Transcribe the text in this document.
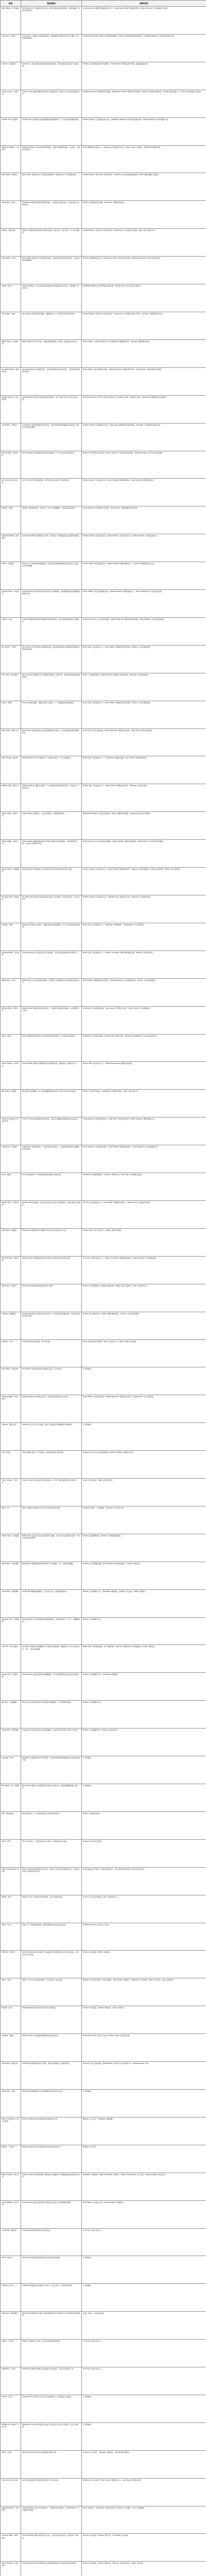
名称	视觉描述	参数说明
Tally Stroke（粉笔刻痕）	Tally Stroke 是一种模拟粉笔在黑板上刻划计数线条的效果滤镜，呈现出粗糙、断续的笔触质感。	Charcoal Area: 调整粉笔覆盖的区域大小。Chalk Area: 控制粉笔笔触的范围。Stroke Pressure: 设定笔触的压力强度。
Charcoal（木炭画）	Charcoal 是一种模拟木炭素描的滤镜，将图像转换为粗犷的黑白对比笔触，带有浓重的颗粒感。	Charcoal Thickness: 调整木炭笔触的粗细程度。Detail: 控制保留的图像细节数量。Light/Dark Balance: 调节明暗区域的比例。
Chrome（铬黄渐变）	Chrome 是一种让图像呈现抛光金属质感的滤镜，表面出现流动的高光与反射效果。	Detail: 设定金属表面细节的丰富程度。Smoothness: 调整表面的平滑度，数值越高越光滑。
Conte Crayon（炭精笔）	Conte Crayon 模拟炭精笔在纹理纸上绘画的效果，前景色与背景色形成柔和的对比。	Foreground Level: 调整前景色的强度。Background Level: 调整背景色的强度。Texture: 选择纸张纹理类型。Scaling: 缩放纹理大小。Relief: 设定纹理的凸起程度。
Graphic Pen（绘图笔）	Graphic Pen 使用细线状的油墨笔触来描绘图像细节，产生类似钢笔素描的效果。	Stroke Length: 设定笔触线条的长度。Light/Dark Balance: 调节明暗区域的比例。Stroke Direction: 选择笔触的方向。
Halftone Pattern（半调图案）	Halftone Pattern 在保持连续色调的同时，模拟半调网屏的效果，生成网点、圆形或直线图案。	Size: 调整图案元素的大小。Contrast: 设定图案的对比度。Pattern Type: 选择网点、圆形或直线等图案类型。
Note Paper（便条纸）	Note Paper 创建出类似手工纸张的浮雕效果，图像呈现凹凸不平的纸面质感。	Image Balance: 调节前景与背景的比例。Graininess: 设定纸张颗粒的数量。Relief: 调整浮雕的凸起程度。
Photocopy（影印）	Photocopy 模拟影印机复印图像的效果，大块暗区只复制边缘，中间色调变为纯黑或纯白。	Detail: 控制保留的细节数量。Darkness: 调整暗部的浓度。
Plaster（塑料效果）	Plaster 使图像看起来像是由石膏塑造而成，暗区凸起、亮区凹陷，产生立体浮雕感。	Image Balance: 调节前景与背景的比例。Smoothness: 设定表面的平滑度。Light: 选择光照的方向。
Reticulation（网状）	Reticulation 模拟胶片乳剂的收缩与扭曲，使图像在暗调区域呈现结块、在高光区域呈现细颗粒。	Density: 调整颗粒的密度。Foreground Level: 设定前景色的强度。Background Level: 设定背景色的强度。
Stamp（图章）	Stamp 简化图像，使之看起来像是用橡皮或木制图章盖印出来的，轮廓清晰、色块分明。	Light/Dark Balance: 调节明暗区域的比例。Smoothness: 设定边缘的平滑程度。
Torn Edges（撕边）	Torn Edges 将图像重建为粗糙、撕破的纸片状，边缘呈现不规则的纤维感。	Image Balance: 调节前景与背景的比例。Smoothness: 设定撕裂边缘的平滑度。Contrast: 调整图像的对比度。
Water Paper（水彩画纸）	Water Paper 利用有污点的、像画在潮湿纤维纸上的涂抹，使颜色流动并混合。	Fiber Length: 设定纸张纤维的长度。Brightness: 调整图像亮度。Contrast: 调整图像对比度。
Accented Edges（强化的边缘）	Accented Edges 强化图像边缘，边缘亮度值高时类似白色粉笔，亮度值低时类似黑色油墨。	Edge Width: 设定边缘强化的宽度。Edge Brightness: 调整边缘的亮度。Smoothness: 控制边缘的平滑程度。
Angled Strokes（成角的线条）	Angled Strokes 使用对角描边重新绘制图像，亮区与暗区以相反方向的线条表现。	Direction Balance: 调节两个描边方向的比例。Stroke Length: 设定描边的长度。Sharpness: 调整描边的锐利程度。
Crosshatch（阴影线）	Crosshatch 保留原图像的细节和特征，同时使用模拟铅笔阴影线添加纹理，使彩色区域边缘变粗糙。	Stroke Length: 设定阴影线的长度。Sharpness: 调整阴影线的锐利程度。Strength: 设定阴影线的叠加次数。
Dark Strokes（深色线条）	Dark Strokes 用短而紧密的深色线条绘制暗区，用长的白色线条绘制亮区。	Balance: 调节描边方向的比例。Black Intensity: 设定黑色线条的强度。White Intensity: 设定白色线条的强度。
Ink Outlines（墨水轮廓）	Ink Outlines 以钢笔画的风格，用纤细的线条在原细节上重绘图像。	Stroke Length: 设定描边的长度。Dark Intensity: 调整暗部强度。Light Intensity: 调整亮部强度。
Spatter（喷溅）	Spatter 模拟喷枪效果，在图像中产生细小的喷溅颗粒，使画面呈现斑驳感。	Spray Radius: 设定喷溅的半径范围。Smoothness: 调整喷溅效果的平滑度。
Sprayed Strokes（喷色描边）	Sprayed Strokes 使用图像的主导色，用成角的、喷溅的颜色线条重新绘制图像。	Stroke Length: 设定描边的长度。Spray Radius: 设定喷色的半径。Stroke Direction: 选择描边的方向。
Sumi-e（烟灰墨）	Sumi-e 以日本画的风格绘画图像，看起来像是用蘸满油墨的画笔在宣纸上绘画，线条柔和模糊。	Stroke Width: 设定笔触的宽度。Stroke Pressure: 调整笔触的压力。Contrast: 调整图像的对比度。
Colored Pencil（彩色铅笔）	Colored Pencil 使用彩色铅笔在纯色背景上绘制图像，保留重要边缘并呈现粗糙的阴影线外观。	Pencil Width: 设定铅笔笔触的宽度。Stroke Pressure: 调整笔触的压力。Paper Brightness: 设定纸张的亮度。
Cutout（木刻）	Cutout 使图像看起来像是由粗糙剪切的彩纸组成，高对比度的图像看起来呈剪影状。	Number of Levels: 设定色阶的数量。Edge Simplicity: 调整边缘的简化程度。Edge Fidelity: 设定边缘的逼真度。
Dry Brush（干画笔）	Dry Brush 使用干画笔技术绘制图像边缘，通过将图像的颜色范围降到普通颜色范围来简化图像。	Brush Size: 设定画笔的大小。Brush Detail: 调整画笔的细节程度。Texture: 设定纹理的强度。
Film Grain（胶片颗粒）	Film Grain 将平滑图案应用于阴影和中间色调，将更平滑、饱和度更高的图案添加到亮区。	Grain: 设定颗粒的数量。Highlight Area: 调整高光区域的范围。Intensity: 设定效果的强度。
Fresco（壁画）	Fresco 使用短而圆的、粗略轻涂的小块颜料，以一种粗糙的风格绘制图像。	Brush Size: 设定画笔的大小。Brush Detail: 调整画笔的细节程度。Texture: 设定纹理的强度。
Neon Glow（霓虹灯光）	Neon Glow 将各种类型的灯光添加到图像中的对象上，在柔化图像外观时给图像着色。	Glow Size: 设定发光的范围。Glow Brightness: 调整发光的亮度。Glow Color: 选择发光的颜色。
Paint Daubs（涂抹棒）	Paint Daubs 让用户从多种画笔大小和类型中选择，以产生绘画效果。	Brush Size: 设定画笔的大小。Sharpness: 调整锐化程度。Brush Type: 选择画笔的类型。
Palette Knife（调色刀）	Palette Knife 减少图像中的细节，以生成描绘得很淡的画布效果，可以显示出下面的纹理。	Stroke Size: 设定描边的大小。Stroke Detail: 调整描边的细节。Softness: 设定柔化程度。
Plastic Wrap（塑料包装）	Plastic Wrap 给图像涂上一层光亮的塑料，以强调表面细节。	Highlight Strength: 设定高光的强度。Detail: 调整细节的数量。Smoothness: 设定平滑程度。
Poster Edges（海报边缘）	Poster Edges 根据设置的海报化选项减少图像中的颜色数量，并查找图像的边缘，在边缘上绘制黑色线条。	Edge Thickness: 设定边缘线条的粗细。Edge Intensity: 调整边缘的强度。Posterization: 设定色调分离的程度。
Rough Pastels（粗糙蜡笔）	Rough Pastels 使图像看上去好像是用彩色粉笔在带纹理的背景上描边。	Stroke Length: 设定描边的长度。Stroke Detail: 调整描边的细节。Texture: 选择纹理类型。Scaling: 缩放纹理。Relief: 设定凸现程度。
Smudge Stick（绘画涂抹）	Smudge Stick 使用短的对角描边涂抹暗区以柔化图像，亮区变得更亮，以致失去细节。	Stroke Length: 设定描边的长度。Highlight Area: 调整高光区域。Intensity: 设定效果的强度。
Sponge（海绵）	Sponge 使用颜色对比强烈、纹理较重的区域创建图像，看上去好像是用海绵绘制的。	Brush Size: 设定画笔的大小。Definition: 调整清晰度。Smoothness: 设定平滑程度。
Underpainting（底纹效果）	Underpainting 在带纹理的背景上绘制图像，然后将最终图像绘制在该图像上。	Brush Size: 设定画笔的大小。Texture Coverage: 调整纹理的覆盖范围。Texture: 选择纹理类型。
Watercolor（水彩）	Watercolor 以水彩的风格绘制图像，使用蘸了水和颜料的中号画笔绘制以简化细节。	Brush Detail: 调整画笔的细节程度。Shadow Intensity: 设定阴影的强度。Texture: 设定纹理的强度。
Diffuse Glow（扩散亮光）	Diffuse Glow 将图像渲染成像是透过一个柔和的扩散滤镜来观看的，添加透明的白杂色。	Graininess: 设定颗粒的数量。Glow Amount: 调整发光的量。Clear Amount: 设定清除的量。
Glass（玻璃）	Glass 使图像显得像是透过不同类型的玻璃来观看的，产生扭曲的折射效果。	Distortion: 设定扭曲的程度。Smoothness: 调整平滑度。Texture: 选择玻璃纹理。Scaling: 缩放纹理。
Ocean Ripple（海洋波纹）	Ocean Ripple 将随机分隔的波纹添加到图像表面，使图像看上去像是在水中。	Ripple Size: 设定波纹的大小。Ripple Magnitude: 调整波纹的幅度。
Bas Relief（浅浮雕）	Bas Relief 变换图像，使之呈现浮雕的雕刻状和突出光照下变化各异的表面。	Detail: 设定细节的数量。Smoothness: 调整平滑程度。Light: 选择光照方向。
Chalk & Charcoal（粉笔和炭笔）	Chalk & Charcoal 重绘高光和中间调，其背景为粗糙粉笔绘制的纯中间调灰色。	Charcoal Area: 设定炭笔的区域。Chalk Area: 设定粉笔的区域。Stroke Pressure: 调整笔触的压力。
Craquelure（龟裂缝）	Craquelure 将图像绘制在一个高凸现的石膏表面上，以循着图像等高线生成精细的网状裂缝。	Crack Spacing: 设定裂缝的间距。Crack Depth: 调整裂缝的深度。Crack Brightness: 设定裂缝的亮度。
Grain（颗粒）	Grain 通过模拟以下不同种类的颗粒在图像中添加纹理。	Intensity: 设定颗粒的强度。Contrast: 调整对比度。Grain Type: 选择颗粒的类型。
Mosaic Tiles（马赛克拼贴）	Mosaic Tiles 渲染图像，使它看起来是由小的碎片或拼贴组成，然后在拼贴之间灌浆。	Tile Size: 设定拼贴的大小。Grout Width: 调整灌浆的宽度。Lighten Grout: 设定灌浆的亮度。
Patchwork（拼缀图）	Patchwork 将图像分解为用图像中该区域的主色填充的正方形。	Square Size: 设定方块的大小。Relief: 调整凸现程度。
Stained Glass（染色玻璃）	Stained Glass 将图像重新绘制为用前景色勾勒的单色的相邻单元格。	Cell Size: 设定单元格的大小。Border Thickness: 调整边框的粗细。Light Intensity: 设定光照的强度。
Texturizer（纹理化）	Texturizer 将选择或创建的纹理应用于图像。	Texture: 选择纹理类型。Scaling: 缩放纹理。Relief: 设定凸现程度。Light: 选择光照方向。
Emboss（浮雕效果）	Emboss 通过将选区的填充色转换为灰色，并用原填充色描画边缘，从而使选区显得凸起或压低。	Angle: 设定光照的角度。Height: 调整浮雕的高度。Amount: 设定效果的数量。
Extrude（凸出）	Extrude 赋予选区或图层一种 3D 纹理。	Type: 选择块或金字塔类型。Size: 设定块的大小。Depth: 调整凸出的深度。
Find Edges（查找边缘）	Find Edges 用显著的转换标识图像的区域，并突出边缘。	无可调参数。
Glowing Edges（照亮边缘）	Glowing Edges 标识颜色的边缘，并向其添加类似霓虹灯的光亮。	Edge Width: 设定边缘的宽度。Edge Brightness: 调整边缘的亮度。Smoothness: 设定平滑程度。
Solarize（曝光过度）	Solarize 混合负片和正片图像，类似于显影过程中将摄影照片短暂曝光。	无可调参数。
Tiles（拼贴）	Tiles 将图像分解为一系列拼贴，使选区偏离其原来的位置。	Number of Tiles: 设定拼贴的数量。Maximum Offset: 调整最大位移。
Trace Contour（等高线）	Trace Contour 查找主要亮度区域的转换，并为每个颜色通道淡淡地勾勒它们。	Level: 设定色阶值。Edge: 选择边缘类型。
Wind（风）	Wind 在图像中放置细小的水平线条来获得风吹的效果。	Method: 选择风、大风或飓风。Direction: 设定风的方向。
Motion Blur（动感模糊）	Motion Blur 沿指定方向以指定强度进行模糊，产生类似以固定曝光时间给一个移动对象拍照的效果。	Angle: 设定模糊的角度。Distance: 调整模糊的距离。
Radial Blur（径向模糊）	Radial Blur 模拟缩放或旋转的相机所产生的模糊，产生一种柔化的模糊。	Amount: 设定模糊的数量。Blur Method: 选择旋转或缩放。Quality: 设定品质。
Smart Blur（特殊模糊）	Smart Blur 精确地模糊图像，可以指定半径、阈值和模糊品质。	Radius: 设定模糊的半径。Threshold: 调整阈值。Quality: 设定品质。Mode: 选择模式。
Gaussian Blur（高斯模糊）	Gaussian Blur 使用可调整的量快速模糊选区，添加低频细节，并产生一种朦胧效果。	Radius: 设定模糊的半径。
Lens Blur（镜头模糊）	Lens Blur 向图像中添加模糊以产生更窄的景深效果，使图像中的一些对象在焦点内，而另一些区域变模糊。	Depth Map: 设定深度映射。Iris: 调整光圈。Specular Highlights: 设定镜面高光。Noise: 调整杂色。
Surface Blur（表面模糊）	Surface Blur 在保留边缘的同时模糊图像，用于创建特殊效果并消除杂色或粒度。	Radius: 设定模糊的半径。Threshold: 调整阈值。
Box Blur（方框模糊）	Box Blur 基于相邻像素的平均颜色值来模糊图像，用于创建特殊效果。	Radius: 设定模糊的半径。
Shape Blur（形状模糊）	Shape Blur 使用指定的内核来创建模糊，从自定形状预设列表中选取一种内核。	Radius: 设定模糊的半径。Shape: 选择内核形状。
Average（平均）	Average 找出图像或选区的平均颜色，然后用该颜色填充图像或选区以创建平滑的外观。	无可调参数。
Blur More（进一步模糊）	Blur More 在图像中有显著颜色变化的地方消除杂色，效果比模糊滤镜强三到四倍。	无可调参数。
Twirl（旋转扭曲）	Twirl 旋转选区，中心的旋转程度比边缘的旋转程度大。	Angle: 设定旋转的角度。
Pinch（挤压）	Pinch 挤压选区，正值将选区向中心移动，负值将选区向外移动。	Amount: 设定挤压的数量。
Polar Coordinates（极坐标）	Polar Coordinates 根据选中的选项，将选区从平面坐标转换到极坐标，或将选区从极坐标转换到平面坐标。	Rectangular to Polar: 平面坐标到极坐标。Polar to Rectangular: 极坐标到平面坐标。
Ripple（波纹）	Ripple 在选区上创建波状起伏的图案，像水池表面的波纹。	Amount: 设定波纹的数量。Size: 选择波纹的大小。
Shear（切变）	Shear 沿一条曲线扭曲图像，通过拖移框中的线条来指定曲线。	Undefined Areas: 设定未定义区域。
Spherize（球面化）	Spherize 通过将选区折成球形、扭曲图像以及伸展图像以适合选中的曲线，使对象具有 3D 效果。	Amount: 设定数量。Mode: 选择模式。
Wave（波浪）	Wave 工作方式与波纹滤镜相同，但可进行进一步的控制。	Number of Generators: 设定生成器数。Wavelength: 调整波长。Amplitude: 设定波幅。Scale: 设定比例。Type: 选择类型。
ZigZag（水波）	ZigZag 根据选区中像素的半径将选区径向扭曲。	Amount: 设定数量。Ridges: 调整起伏。Style: 选择样式。
Displace（置换）	Displace 使用名为置换图的图像确定如何扭曲选区。	Horizontal Scale: 设定水平比例。Vertical Scale: 设定垂直比例。
Add Noise（添加杂色）	Add Noise 将随机像素应用于图像，模拟在高速胶片上拍照的效果。	Amount: 设定杂色的数量。Distribution: 选择平均分布或高斯分布。Monochromatic: 单色。
Despeckle（去斑）	Despeckle 检测图像的边缘并模糊那些边缘外的所有选区。	无可调参数。
Dust & Scratches（蒙尘与划痕）	Dust & Scratches 通过更改相异的像素减少杂色。	Radius: 设定半径。Threshold: 调整阈值。
Median（中间值）	Median 通过混合选区中像素的亮度来减少图像的杂色。	Radius: 设定半径。
Reduce Noise（减少杂色）	Reduce Noise 在基于影响整个图像或各个通道的用户设置保留边缘的同时减少杂色。	Strength: 设定强度。Preserve Details: 保留细节。Reduce Color Noise: 减少杂色。Sharpen Details: 锐化细节。
Color Halftone（彩色半调）	Color Halftone 模拟在图像的每个通道上使用放大的半调网屏的效果。	Max Radius: 设定最大半径。Screen Angles: 调整网角。
Crystallize（晶格化）	Crystallize 使像素结块形成多边形纯色。	Cell Size: 设定单元格大小。
Facet（彩块化）	Facet 使纯色或相近颜色的像素结成相近颜色的像素块。	无可调参数。
Fragment（碎片）	Fragment 创建选区中像素的四个副本，将它们平均，并使其相互偏移。	无可调参数。
Mezzotint（铜版雕刻）	Mezzotint 将图像转换为黑白区域的随机图案或彩色图像中完全饱和颜色的随机图案。	Type: 选择点、线或描边类型。
Mosaic（马赛克）	Mosaic 使像素结为方形块，给定块中的像素颜色相同。	Cell Size: 设定单元格大小。
Pointillize（点状化）	Pointillize 将图像中的颜色分解为随机分布的网点，如同点状化绘画一样。	Cell Size: 设定单元格大小。
Clouds（云彩）	Clouds 使用介于前景色与背景色之间的随机值，生成柔和的云彩图案。	无可调参数。
Difference Clouds（分层云彩）	Difference Clouds 使用随机生成的介于前景色与背景色之间的值，生成云彩图案。	无可调参数。
Fibers（纤维）	Fibers 使用前景色和背景色创建编织纤维的外观。	Variance: 设定差异。Strength: 调整强度。Randomize: 随机化。
Lens Flare（镜头光晕）	Lens Flare 模拟亮光照射到相机镜头所产生的折射。	Brightness: 设定亮度。Flare Center: 调整光晕中心。Lens Type: 选择镜头类型。
Lighting Effects（光照效果）	Lighting Effects 通过改变光照样式、光照类型和光照属性，在 RGB 图像上产生无数种光照效果。	Style: 选择样式。Light Type: 选择光照类型。Intensity: 设定强度。Focus: 调整聚焦。
Unsharp Mask（USM 锐化）	Unsharp Mask 调整边缘细节的对比度，并在边缘的每侧生成一条亮线和一条暗线。	Amount: 设定数量。Radius: 调整半径。Threshold: 设定阈值。
Smart Sharpen（智能锐化）	Smart Sharpen 通过设置锐化算法或控制阴影和高光中的锐化量来锐化图像。	Amount: 设定数量。Radius: 调整半径。Remove: 选择移去类型。Angle: 设定角度。
